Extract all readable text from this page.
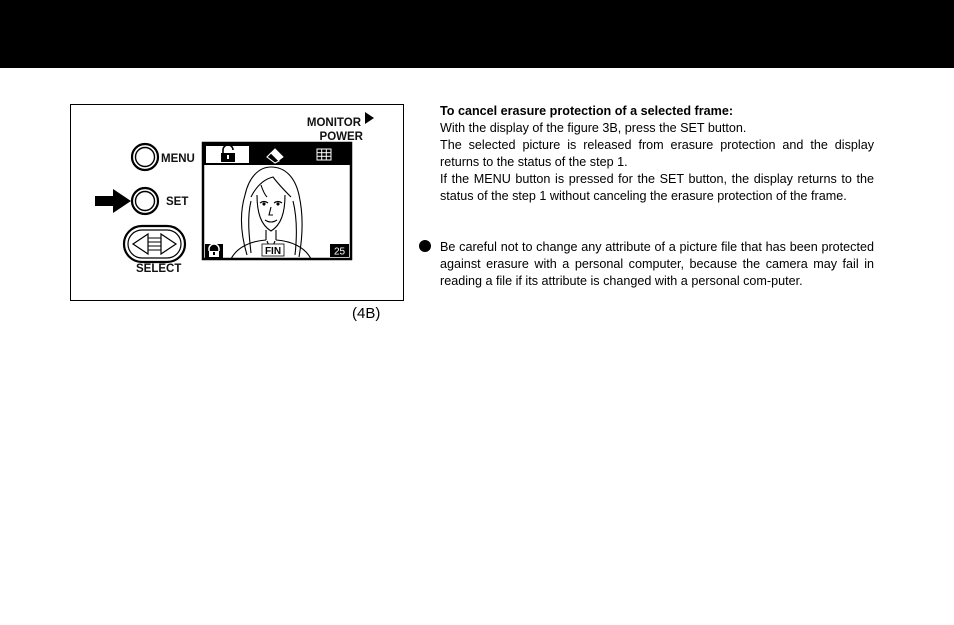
MONITOR
POWER
MENU
SET
SELECT
FIN	25
(4B)

To cancel erasure protection of a selected frame:

With the display of the figure 3B, press the SET button.

The selected picture is released from erasure protection and the display returns to the status of the step 1.

If the MENU button is pressed for the SET button, the display returns to the status of the step 1 without canceling the erasure protection of the frame.

Be careful not to change any attribute of a picture file that has been protected against erasure with a personal computer, because the camera may fail in reading a file if its attribute is changed with a personal com-puter.
